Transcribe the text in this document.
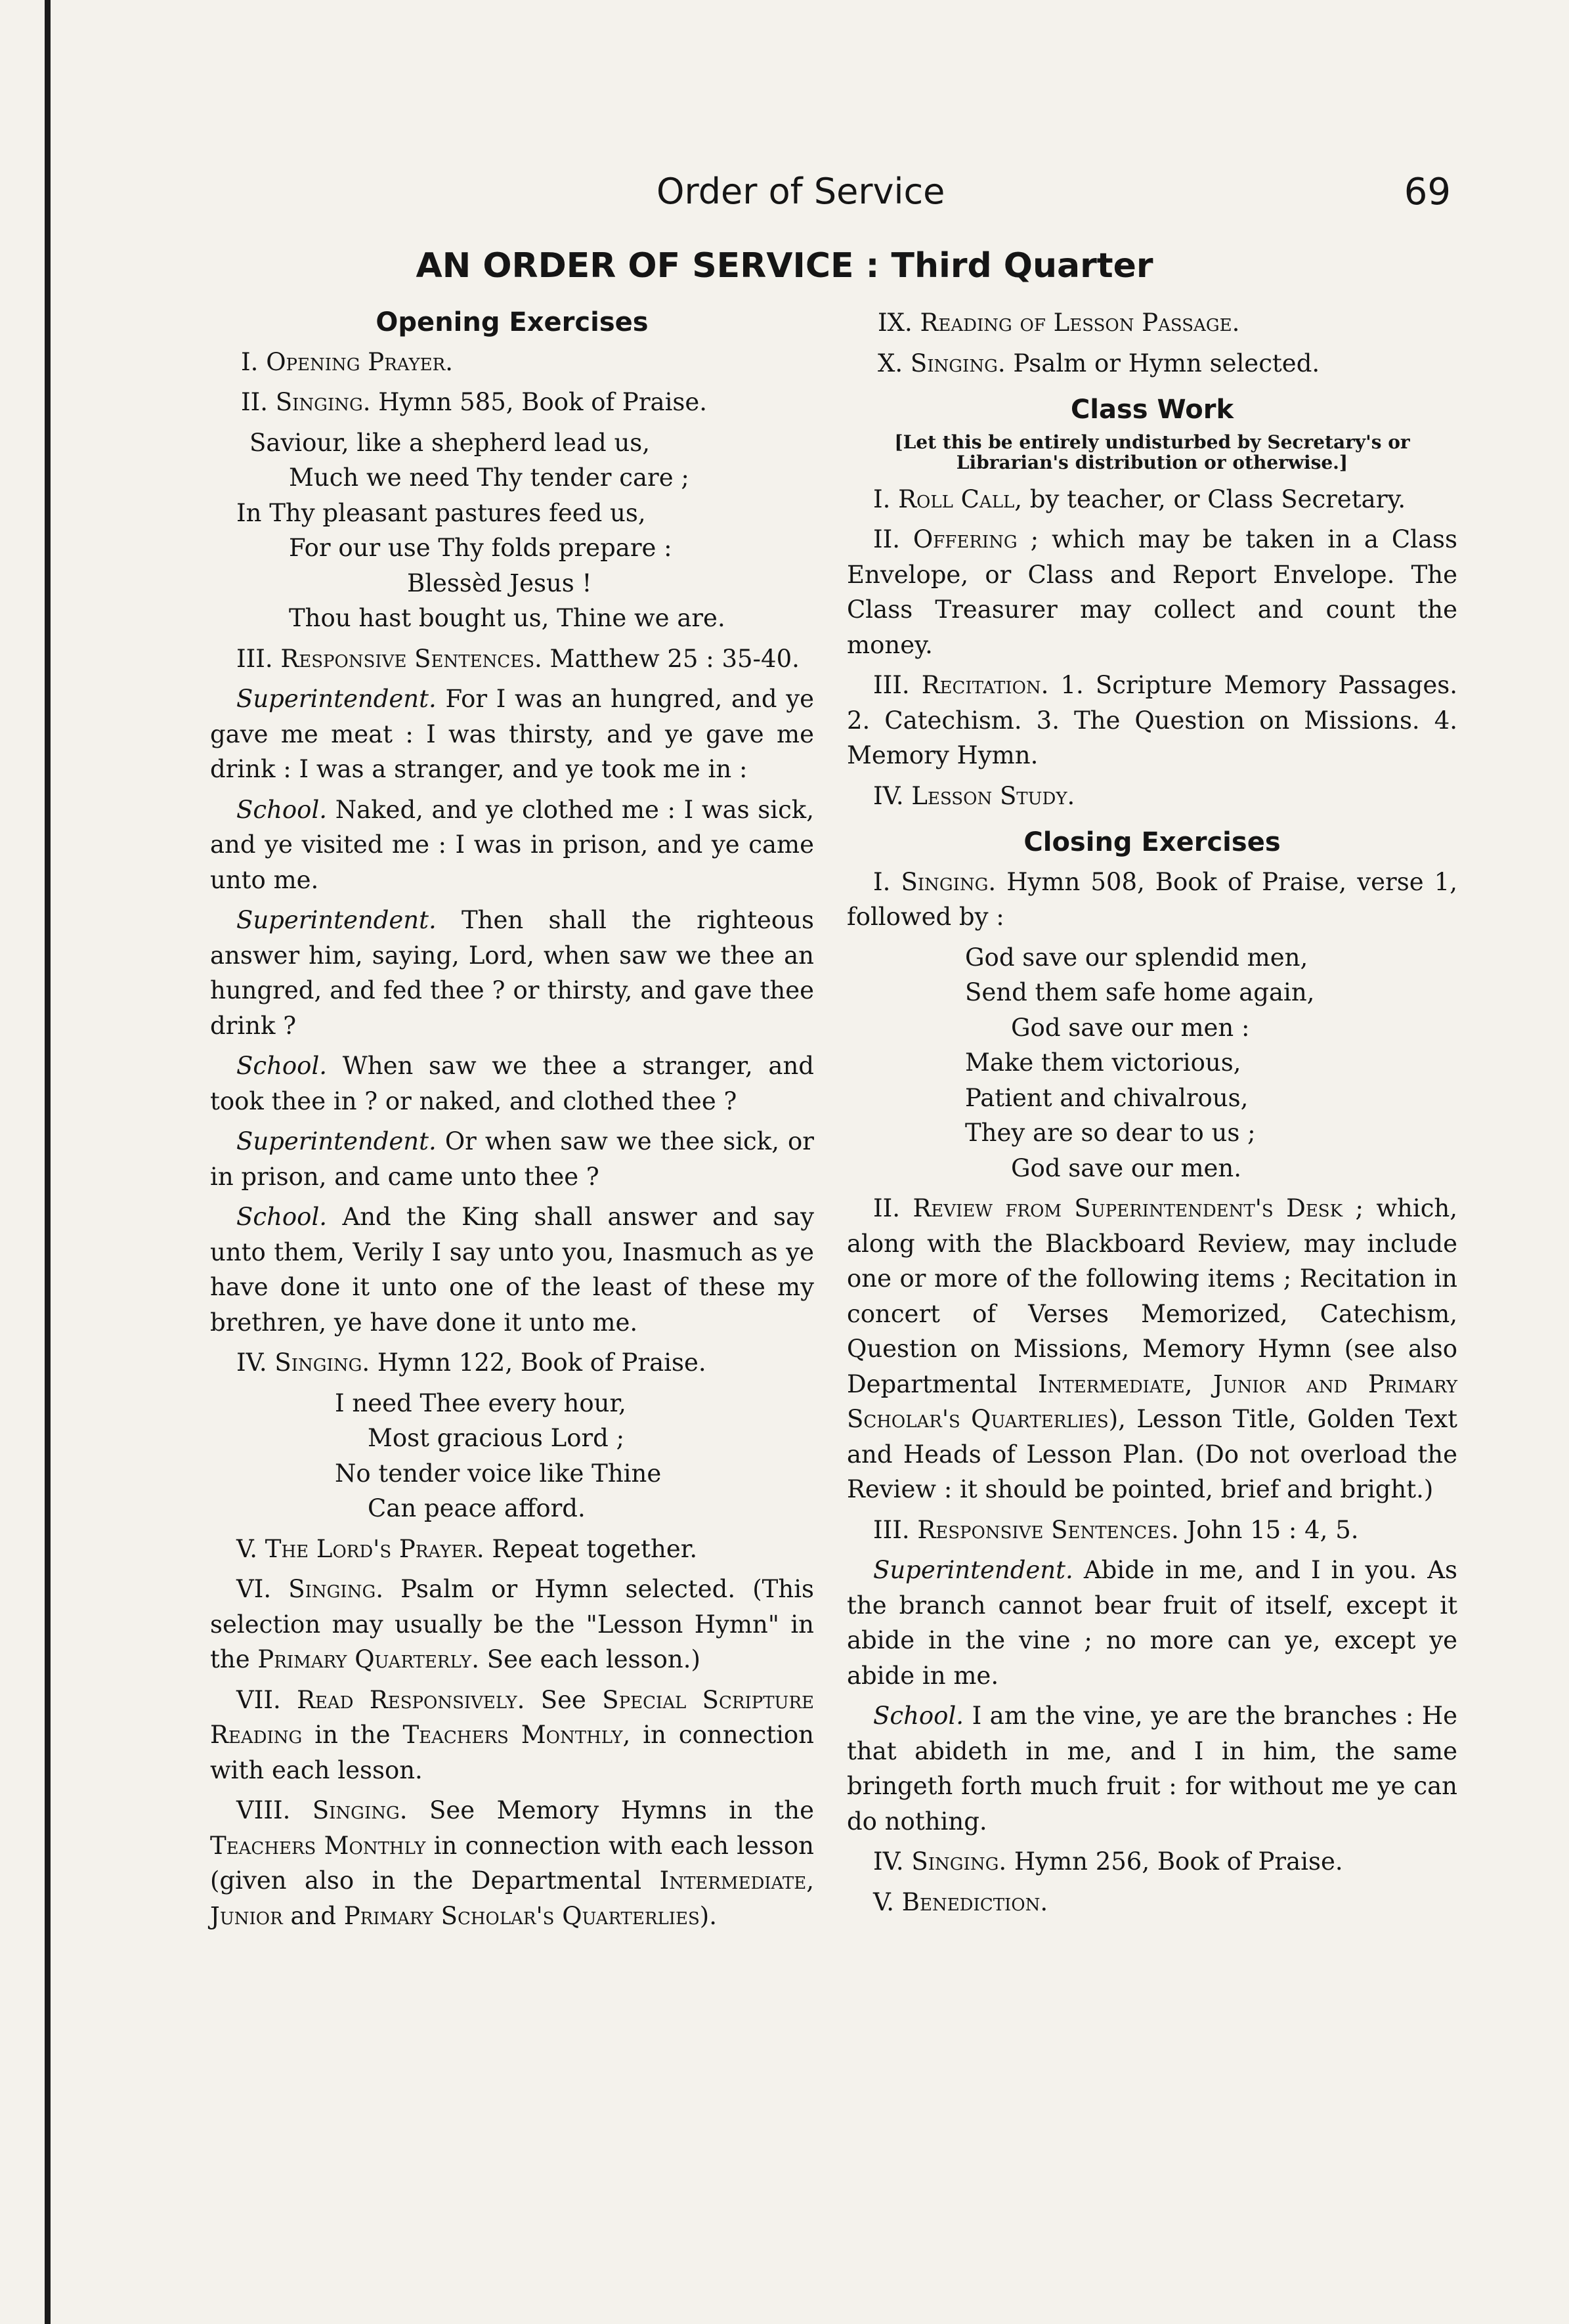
Order of Service	69
AN ORDER OF SERVICE : Third Quarter

Opening Exercises

I. Opening Prayer.

II. Singing. Hymn 585, Book of Praise.

Saviour, like a shepherd lead us,
Much we need Thy tender care ;
In Thy pleasant pastures feed us,
For our use Thy folds prepare :
Blessèd Jesus !
Thou hast bought us, Thine we are.

III. Responsive Sentences. Matthew 25 : 35-40.

Superintendent. For I was an hungred, and ye gave me meat : I was thirsty, and ye gave me drink : I was a stranger, and ye took me in :

School. Naked, and ye clothed me : I was sick, and ye visited me : I was in prison, and ye came unto me.

Superintendent. Then shall the righteous answer him, saying, Lord, when saw we thee an hungred, and fed thee ? or thirsty, and gave thee drink ?

School. When saw we thee a stranger, and took thee in ? or naked, and clothed thee ?

Superintendent. Or when saw we thee sick, or in prison, and came unto thee ?

School. And the King shall answer and say unto them, Verily I say unto you, Inasmuch as ye have done it unto one of the least of these my brethren, ye have done it unto me.

IV. Singing. Hymn 122, Book of Praise.

I need Thee every hour,
Most gracious Lord ;
No tender voice like Thine
Can peace afford.

V. The Lord's Prayer. Repeat together.

VI. Singing. Psalm or Hymn selected. (This selection may usually be the "Lesson Hymn" in the Primary Quarterly. See each lesson.)

VII. Read Responsively. See Special Scripture Reading in the Teachers Monthly, in connection with each lesson.

VIII. Singing. See Memory Hymns in the Teachers Monthly in connection with each lesson (given also in the Departmental Intermediate, Junior and Primary Scholar's Quarterlies).

IX. Reading of Lesson Passage.

X. Singing. Psalm or Hymn selected.

Class Work

[Let this be entirely undisturbed by Secretary's or Librarian's distribution or otherwise.]

I. Roll Call, by teacher, or Class Secretary.

II. Offering ; which may be taken in a Class Envelope, or Class and Report Envelope. The Class Treasurer may collect and count the money.

III. Recitation. 1. Scripture Memory Passages. 2. Catechism. 3. The Question on Missions. 4. Memory Hymn.

IV. Lesson Study.

Closing Exercises

I. Singing. Hymn 508, Book of Praise, verse 1, followed by :

God save our splendid men,
Send them safe home again,
God save our men :
Make them victorious,
Patient and chivalrous,
They are so dear to us ;
God save our men.

II. Review from Superintendent's Desk ; which, along with the Blackboard Review, may include one or more of the following items ; Recitation in concert of Verses Memorized, Catechism, Question on Missions, Memory Hymn (see also Departmental Intermediate, Junior and Primary Scholar's Quarterlies), Lesson Title, Golden Text and Heads of Lesson Plan. (Do not overload the Review : it should be pointed, brief and bright.)

III. Responsive Sentences. John 15 : 4, 5.

Superintendent. Abide in me, and I in you. As the branch cannot bear fruit of itself, except it abide in the vine ; no more can ye, except ye abide in me.

School. I am the vine, ye are the branches : He that abideth in me, and I in him, the same bringeth forth much fruit : for without me ye can do nothing.

IV. Singing. Hymn 256, Book of Praise.

V. Benediction.
